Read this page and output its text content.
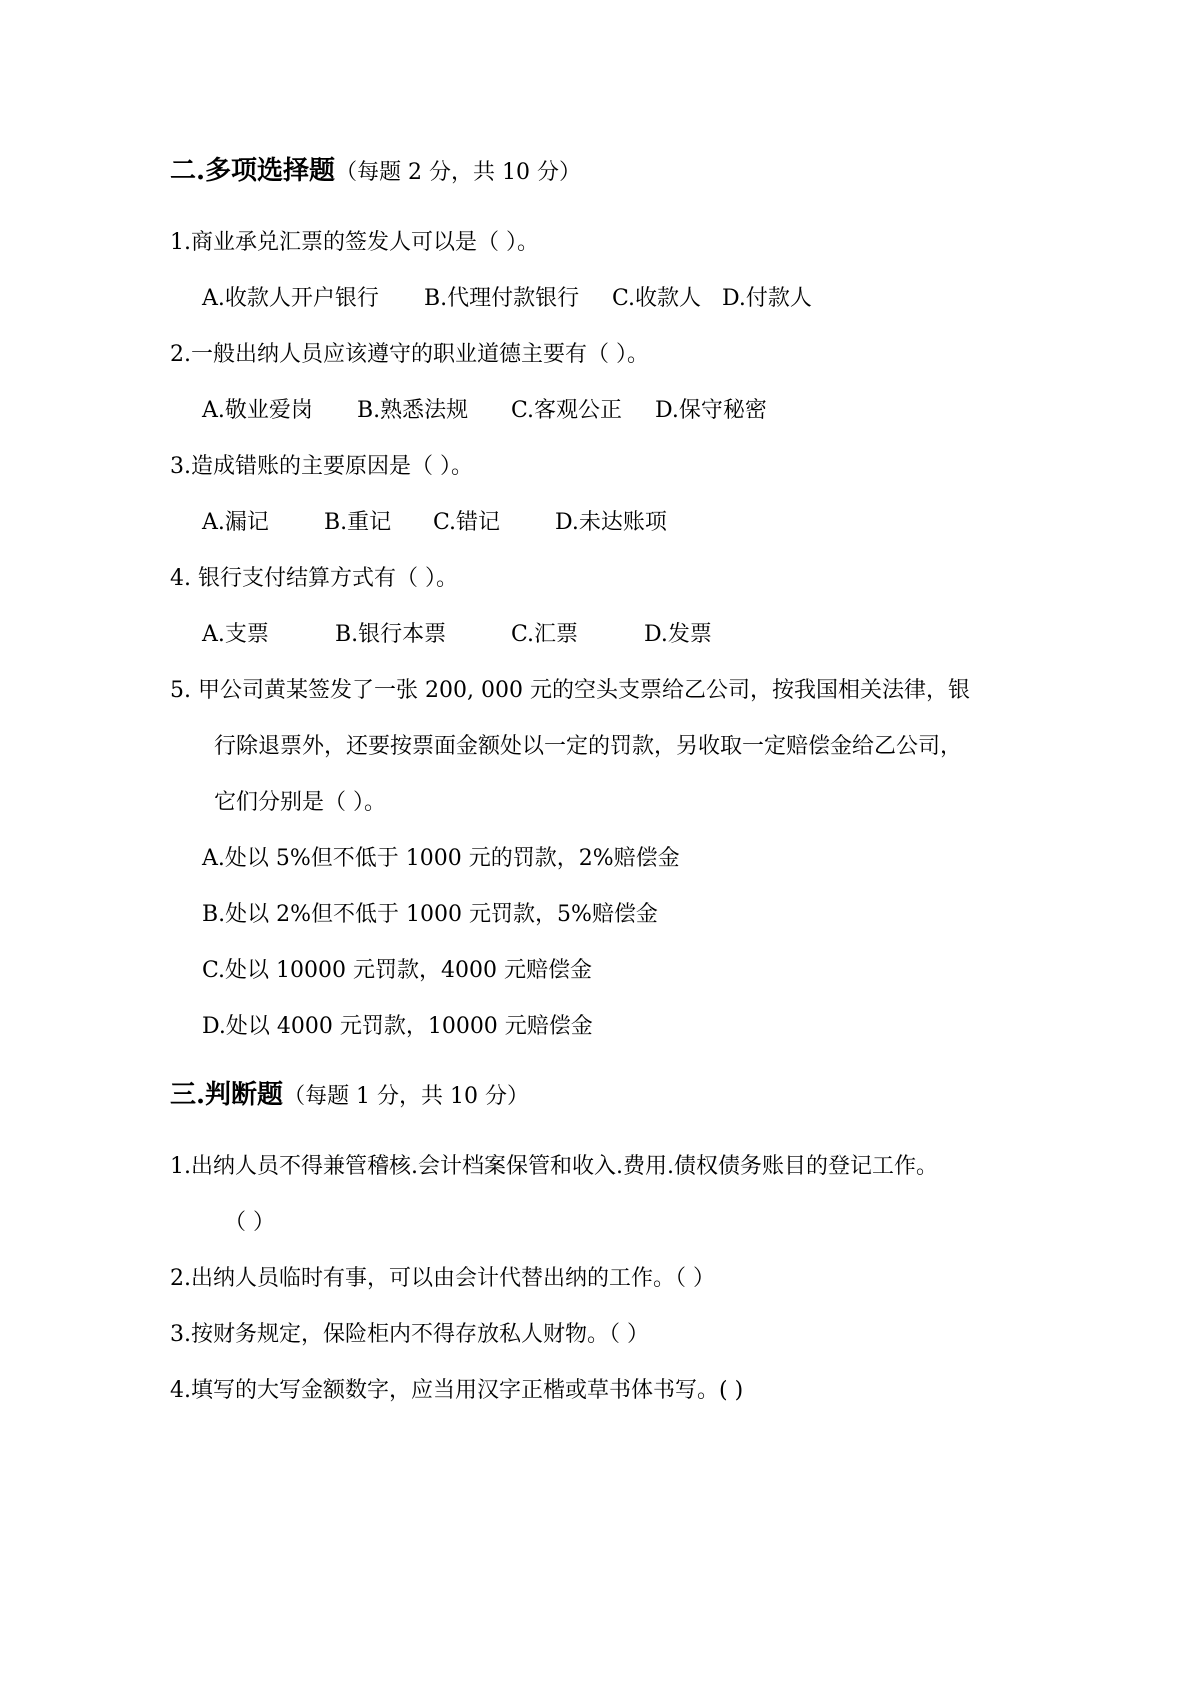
二.多项选择题（每题 2 分，共 10 分）
1.商业承兑汇票的签发人可以是（ ）。
A.收款人开户银行 B.代理付款银行 C.收款人 D.付款人
2.一般出纳人员应该遵守的职业道德主要有（ ）。
A.敬业爱岗 B.熟悉法规 C.客观公正 D.保守秘密
3.造成错账的主要原因是（ ）。
A.漏记	B.重记 C.错记 D.未达账项
4. 银行支付结算方式有（ ）。
A.支票	B.银行本票	C.汇票	D.发票
5. 甲公司黄某签发了一张 200, 000 元的空头支票给乙公司，按我国相关法律，银
行除退票外，还要按票面金额处以一定的罚款，另收取一定赔偿金给乙公司，
它们分别是（ ）。
A.处以 5%但不低于 1000 元的罚款，2%赔偿金
B.处以 2%但不低于 1000 元罚款，5%赔偿金
C.处以 10000 元罚款，4000 元赔偿金
D.处以 4000 元罚款，10000 元赔偿金
三.判断题（每题 1 分，共 10 分）
1.出纳人员不得兼管稽核.会计档案保管和收入.费用.债权债务账目的登记工作。
（ ）
2.出纳人员临时有事，可以由会计代替出纳的工作。（ ）
3.按财务规定，保险柜内不得存放私人财物。（ ）
4.填写的大写金额数字，应当用汉字正楷或草书体书写。( )
